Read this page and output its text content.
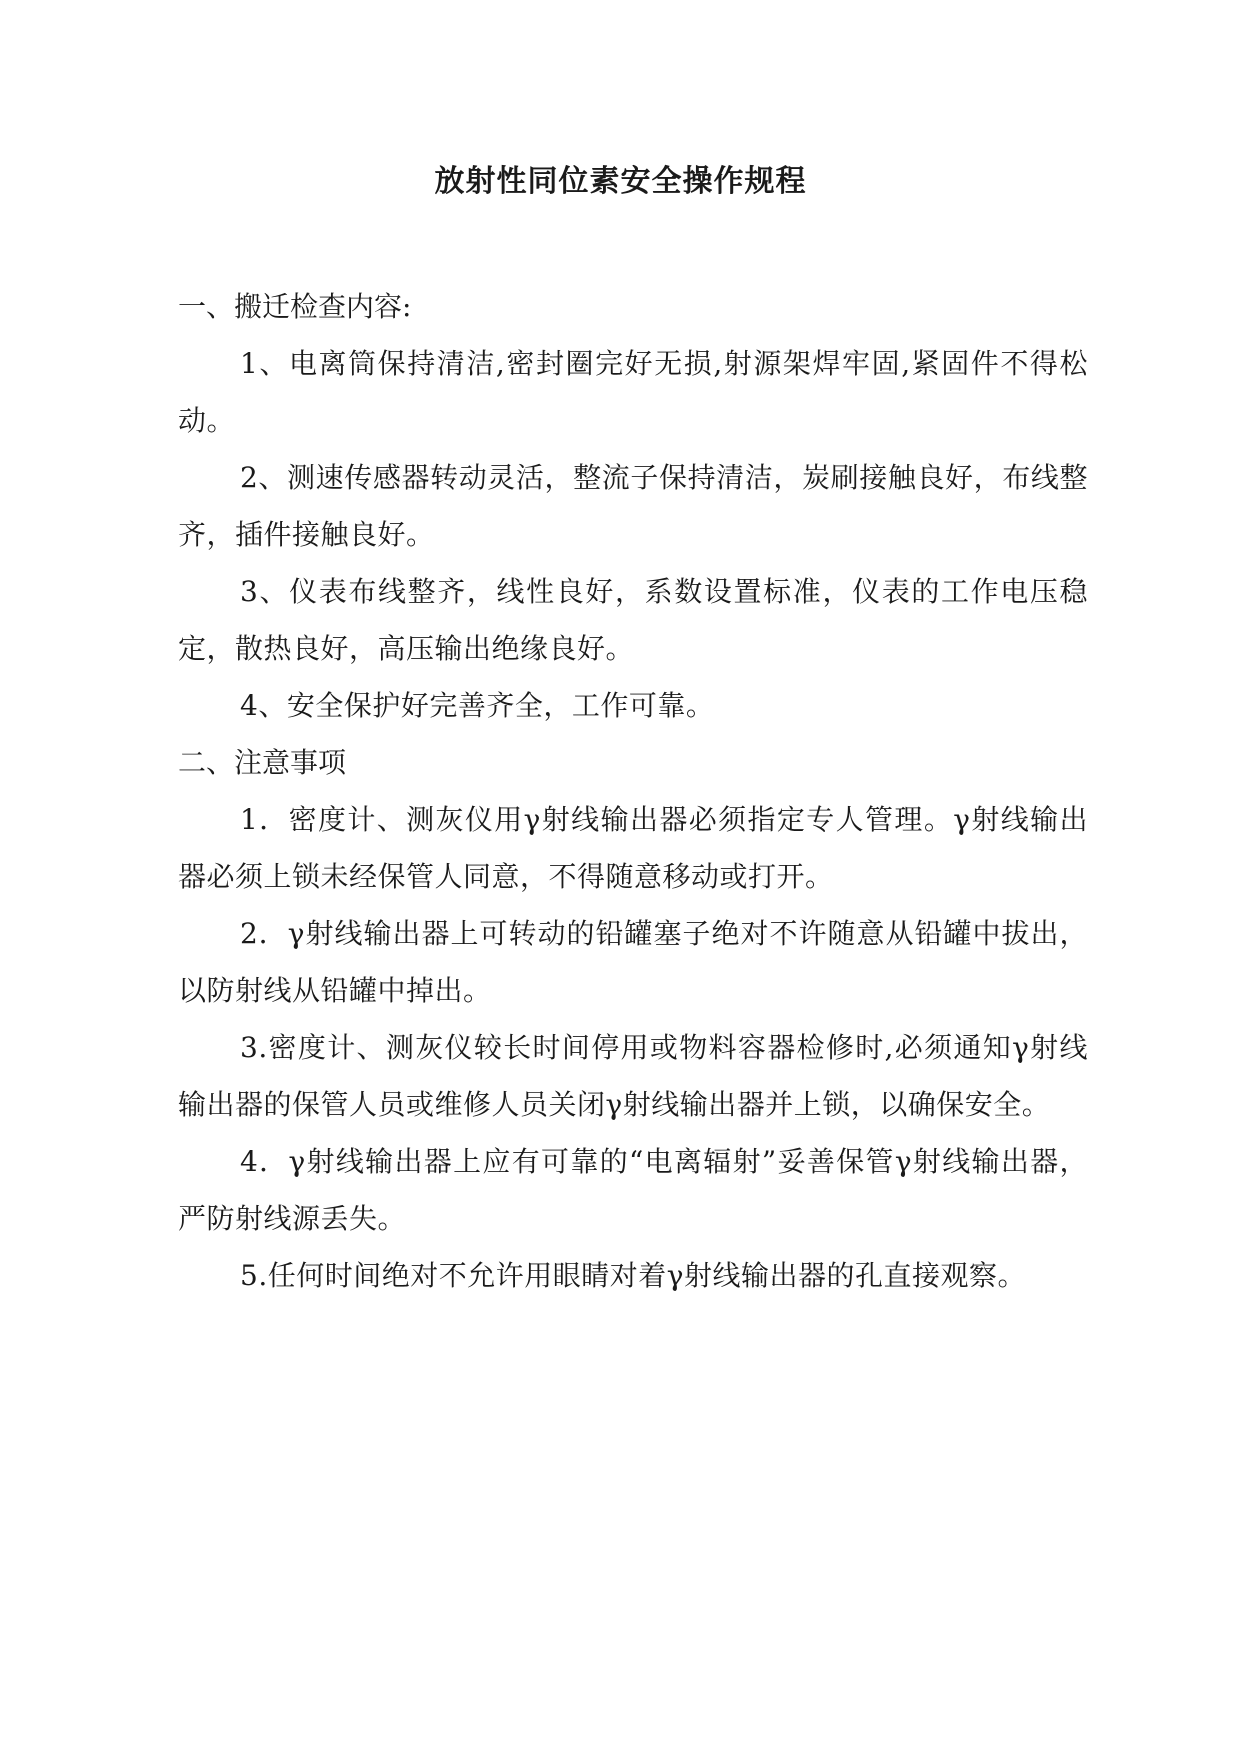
放射性同位素安全操作规程

一、搬迁检查内容:

1、电离筒保持清洁,密封圈完好无损,射源架焊牢固,紧固件不得松动。

2、测速传感器转动灵活，整流子保持清洁，炭刷接触良好，布线整齐，插件接触良好。

3、仪表布线整齐，线性良好，系数设置标准，仪表的工作电压稳定，散热良好，高压输出绝缘良好。

4、安全保护好完善齐全，工作可靠。

二、注意事项

1．密度计、测灰仪用γ射线输出器必须指定专人管理。γ射线输出器必须上锁未经保管人同意，不得随意移动或打开。

2．γ射线输出器上可转动的铅罐塞子绝对不许随意从铅罐中拔出，以防射线从铅罐中掉出。

3.密度计、测灰仪较长时间停用或物料容器检修时,必须通知γ射线输出器的保管人员或维修人员关闭γ射线输出器并上锁，以确保安全。

4．γ射线输出器上应有可靠的“电离辐射”妥善保管γ射线输出器，严防射线源丢失。

5.任何时间绝对不允许用眼睛对着γ射线输出器的孔直接观察。
